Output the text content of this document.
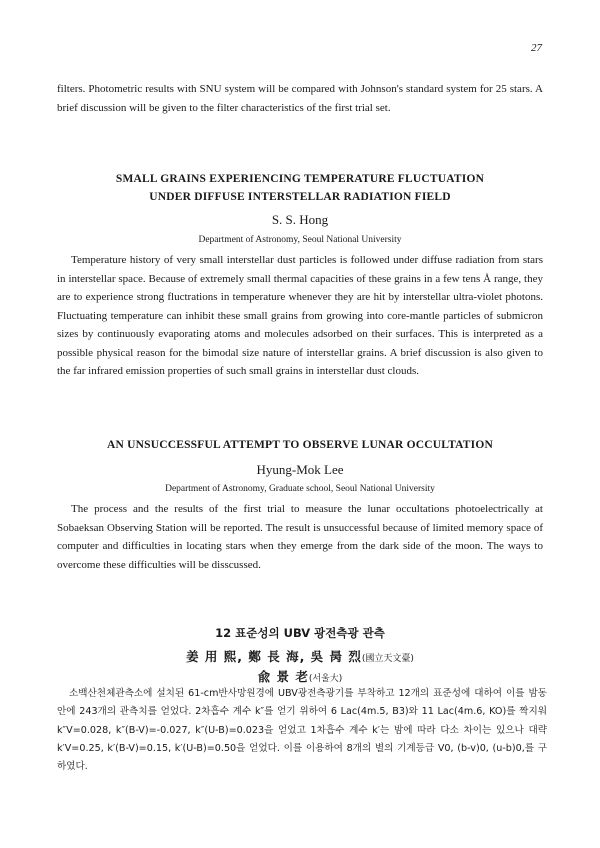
27

filters. Photometric results with SNU system will be compared with Johnson's standard system for 25 stars. A brief discussion will be given to the filter characteristics of the first trial set.

SMALL GRAINS EXPERIENCING TEMPERATURE FLUCTUATION
UNDER DIFFUSE INTERSTELLAR RADIATION FIELD
S. S. Hong
Department of Astronomy, Seoul National University

Temperature history of very small interstellar dust particles is followed under diffuse radiation from stars in interstellar space. Because of extremely small thermal capacities of these grains in a few tens Å range, they are to experience strong fluctrations in temperature whenever they are hit by interstellar ultra-violet photons. Fluctuating temperature can inhibit these small grains from growing into core-mantle particles of submicron sizes by continuously evaporating atoms and molecules adsorbed on their surfaces. This is interpreted as a possible physical reason for the bimodal size nature of interstellar grains. A brief discussion is also given to the far infrared emission properties of such small grains in interstellar dust clouds.

AN UNSUCCESSFUL ATTEMPT TO OBSERVE LUNAR OCCULTATION
Hyung-Mok Lee
Department of Astronomy, Graduate school, Seoul National University

The process and the results of the first trial to measure the lunar occultations photoelectrically at Sobaeksan Observing Station will be reported. The result is unsuccessful because of limited memory space of computer and difficulties in locating stars when they emerge from the dark side of the moon. The ways to overcome these difficulties will be disscussed.

12 표준성의 UBV 광전측광 관측
姜 用 熙, 鄭 長 海, 吳 昺 烈(國立天文臺)
兪 景 老(서울大)

소백산천체관측소에 설치된 61-cm반사망원경에 UBV광전측광기를 부착하고 12개의 표준성에 대하여 이를 밤동안에 243개의 관측치를 얻었다. 2차흡수 계수 k″를 얻기 위하여 6 Lac(4m.5, B3)와 11 Lac(4m.6, KO)를 짝지워 k″V=0.028, k″(B-V)=-0.027, k″(U-B)=0.023을 얻었고 1차흡수 계수 k′는 밤에 따라 다소 차이는 있으나 대략 k′V=0.25, k′(B-V)=0.15, k′(U-B)=0.50을 얻었다. 이를 이용하여 8개의 별의 기계등급 V0, (b-v)0, (u-b)0,를 구하였다.
